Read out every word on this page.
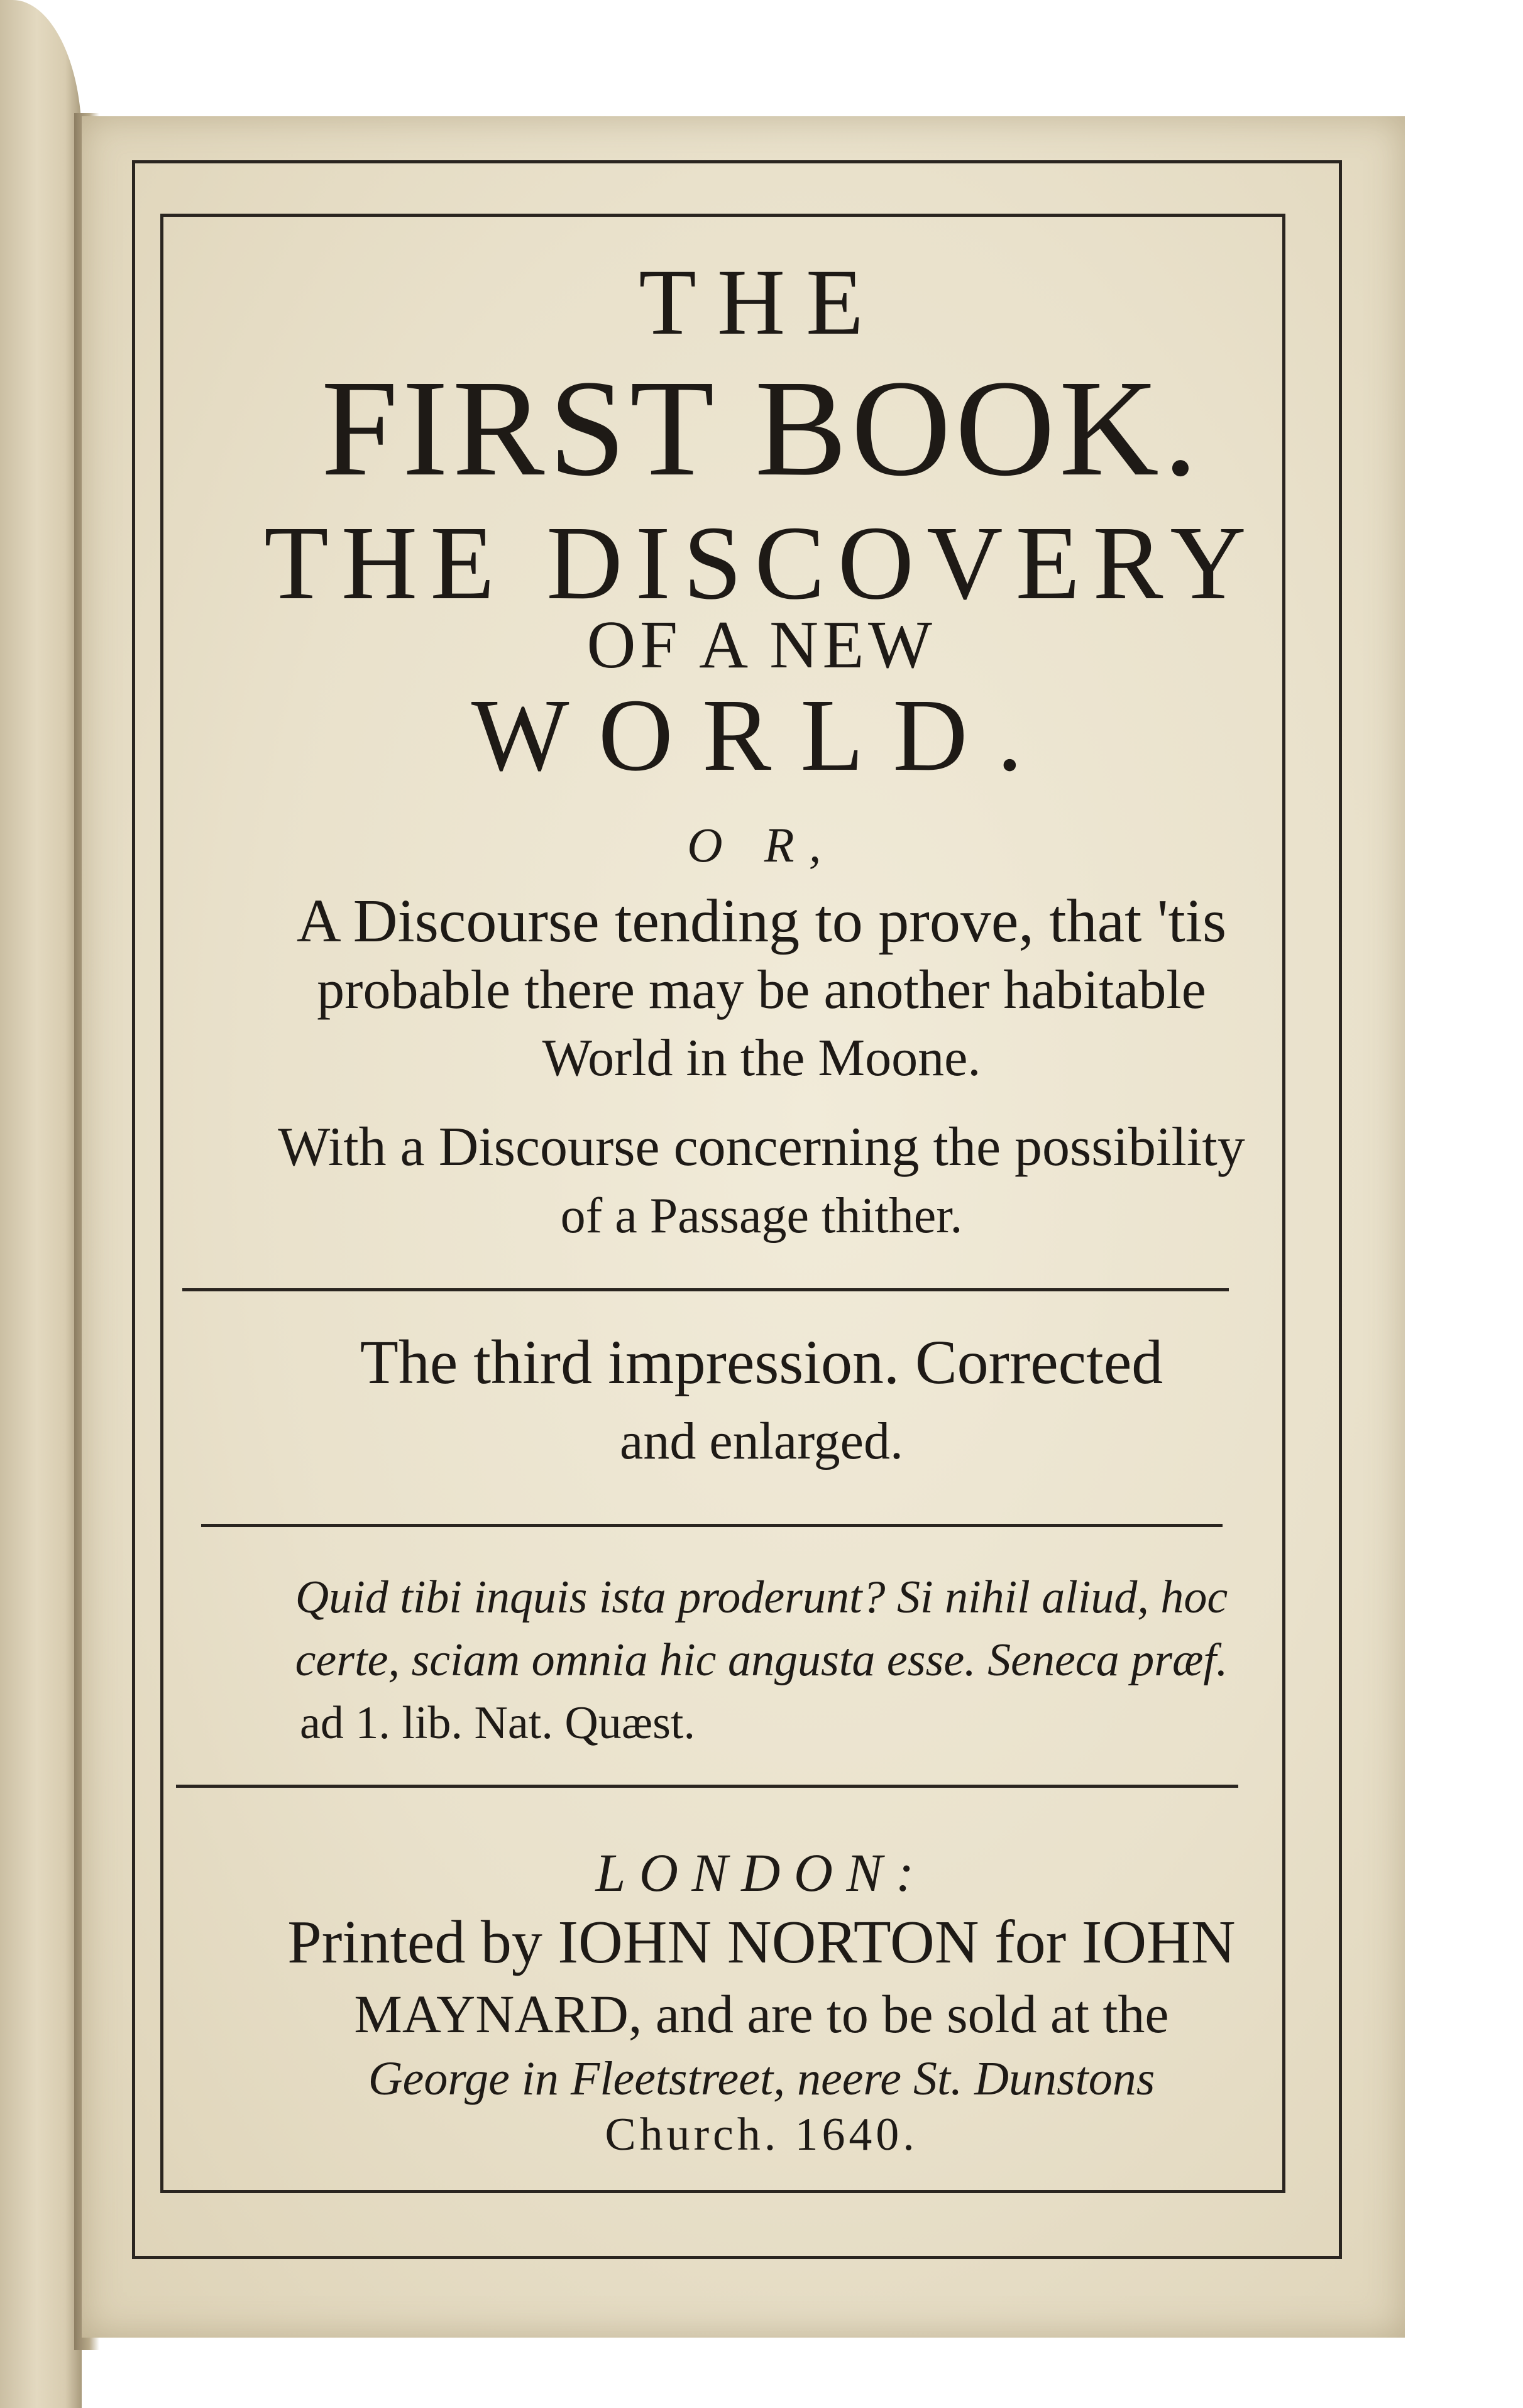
THE
FIRST BOOK.
THE DISCOVERY
OF A NEW
WORLD.
O R,
A Discourse tending to prove, that 'tis
probable there may be another habitable
World in the Moone.
With a Discourse concerning the possibility
of a Passage thither.
The third impression. Corrected
and enlarged.
Quid tibi inquis ista proderunt? Si nihil aliud, hoc
certe, sciam omnia hic angusta esse. Seneca præf.
ad 1. lib. Nat. Quæst.
LONDON:
Printed by IOHN NORTON for IOHN
MAYNARD, and are to be sold at the
George in Fleetstreet, neere St. Dunstons
Church. 1640.
